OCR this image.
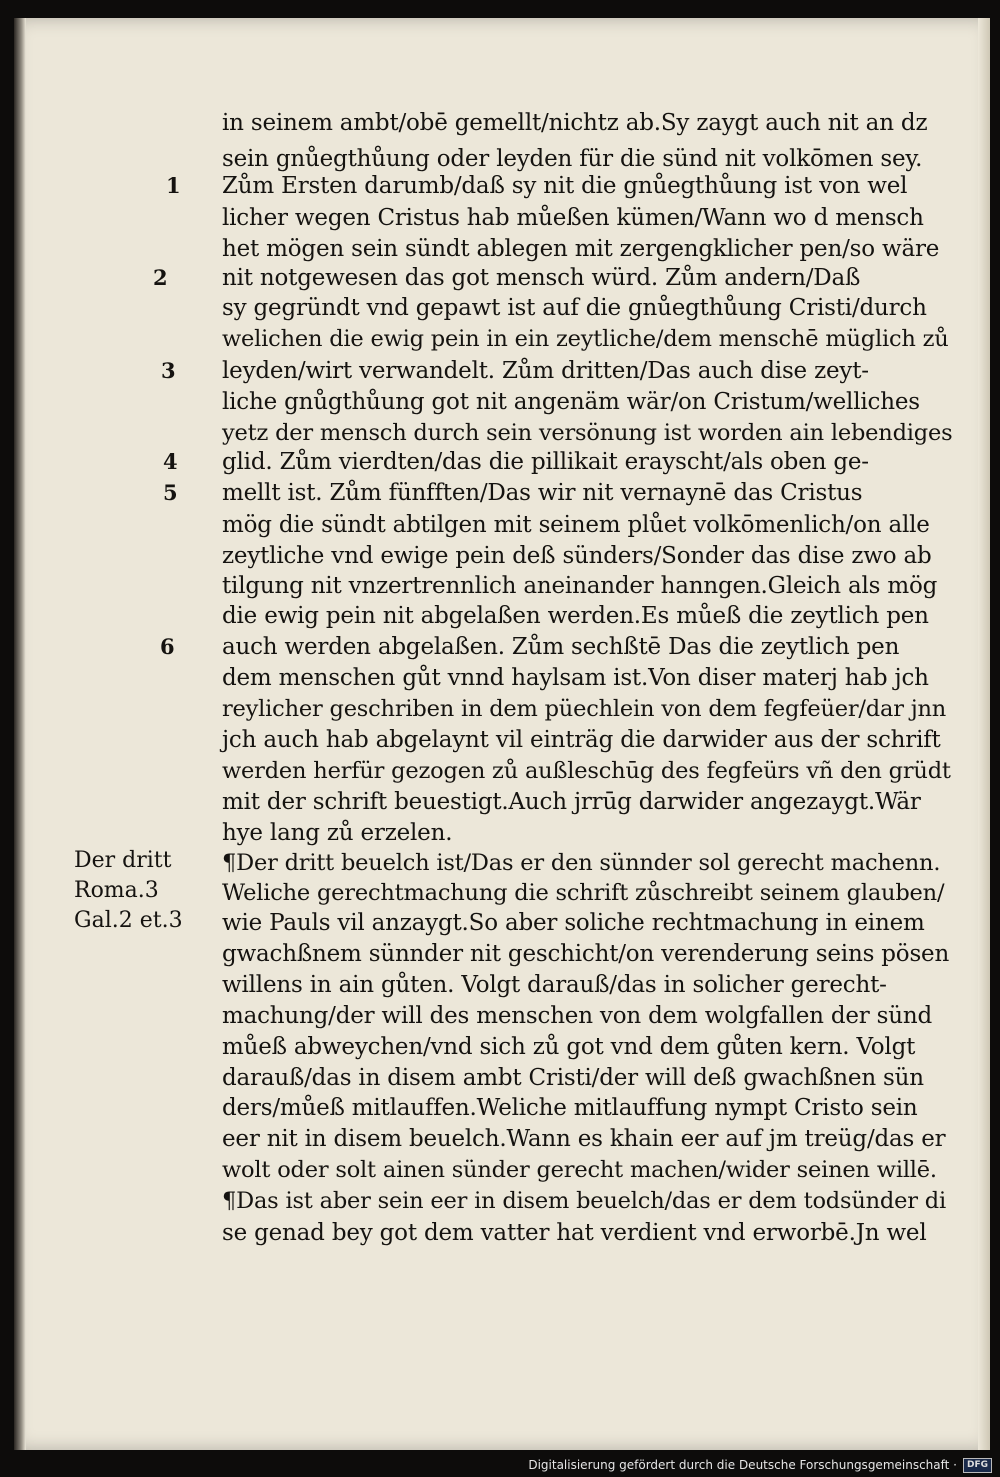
in seinem ambt/obē gemellt/nichtz ab.Sy zaygt auch nit an dz
sein gnůegthůung oder leyden für die sünd nit volkōmen sey.
Zům Ersten darumb/daß sy nit die gnůegthůung ist von wel
licher wegen Cristus hab můeßen kümen/Wann wo d mensch
het mögen sein sündt ablegen mit zergengklicher pen/so wäre
nit notgewesen das got mensch würd. Zům andern/Daß
sy gegründt vnd gepawt ist auf die gnůegthůung Cristi/durch
welichen die ewig pein in ein zeytliche/dem menschē müglich zů
leyden/wirt verwandelt. Zům dritten/Das auch dise zeyt-
liche gnůgthůung got nit angenäm wär/on Cristum/welliches
yetz der mensch durch sein versönung ist worden ain lebendiges
glid. Zům vierdten/das die pillikait erayscht/als oben ge-
mellt ist. Zům fünfften/Das wir nit vernaynē das Cristus
mög die sündt abtilgen mit seinem plůet volkōmenlich/on alle
zeytliche vnd ewige pein deß sünders/Sonder das dise zwo ab
tilgung nit vnzertrennlich aneinander hanngen.Gleich als mög
die ewig pein nit abgelaßen werden.Es můeß die zeytlich pen
auch werden abgelaßen. Zům sechßtē Das die zeytlich pen
dem menschen gůt vnnd haylsam ist.Von diser materj hab jch
reylicher geschriben in dem püechlein von dem fegfeüer/dar jnn
jch auch hab abgelaynt vil einträg die darwider aus der schrift
werden herfür gezogen zů außleschūg des fegfeürs vñ den grüdt
mit der schrift beuestigt.Auch jrrūg darwider angezaygt.Wär
hye lang zů erzelen.
¶Der dritt beuelch ist/Das er den sünnder sol gerecht machenn.
Weliche gerechtmachung die schrift zůschreibt seinem glauben/
wie Pauls vil anzaygt.So aber soliche rechtmachung in einem
gwachßnem sünnder nit geschicht/on verenderung seins pösen
willens in ain gůten. Volgt darauß/das in solicher gerecht-
machung/der will des menschen von dem wolgfallen der sünd
můeß abweychen/vnd sich zů got vnd dem gůten kern. Volgt
darauß/das in disem ambt Cristi/der will deß gwachßnen sün
ders/můeß mitlauffen.Weliche mitlauffung nympt Cristo sein
eer nit in disem beuelch.Wann es khain eer auf jm treüg/das er
wolt oder solt ainen sünder gerecht machen/wider seinen willē.
¶Das ist aber sein eer in disem beuelch/das er dem todsünder di
se genad bey got dem vatter hat verdient vnd erworbē.Jn wel
1
2
3
4
5
6
Der dritt
Roma.3
Gal.2 et.3
Digitalisierung gefördert durch die Deutsche Forschungsgemeinschaft ·	DFG
